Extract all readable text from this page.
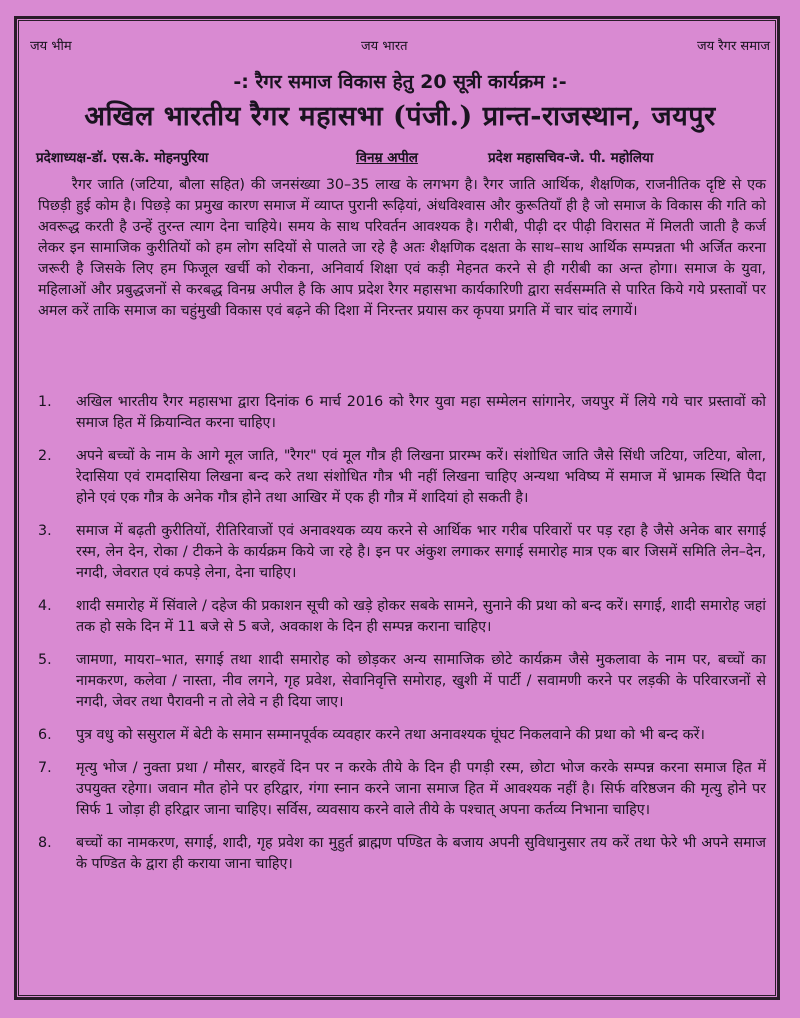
जय भीम	जय भारत	जय रैगर समाज
-: रैगर समाज विकास हेतु 20 सूत्री कार्यक्रम :-
अखिल भारतीय रैगर महासभा (पंजी.) प्रान्त-राजस्थान, जयपुर
प्रदेशाध्यक्ष-डॉ. एस.के. मोहनपुरिया	विनम्र अपील	प्रदेश महासचिव-जे. पी. महोलिया
रैगर जाति (जटिया, बौला सहित) की जनसंख्या 30–35 लाख के लगभग है। रैगर जाति आर्थिक, शैक्षणिक, राजनीतिक दृष्टि से एक पिछड़ी हुई कोम है। पिछड़े का प्रमुख कारण समाज में व्याप्त पुरानी रूढ़ियां, अंधविश्वास और कुरूतियाँ ही है जो समाज के विकास की गति को अवरूद्ध करती है उन्हें तुरन्त त्याग देना चाहिये। समय के साथ परिवर्तन आवश्यक है। गरीबी, पीढ़ी दर पीढ़ी विरासत में मिलती जाती है कर्ज लेकर इन सामाजिक कुरीतियों को हम लोग सदियों से पालते जा रहे है अतः शैक्षणिक दक्षता के साथ–साथ आर्थिक सम्पन्नता भी अर्जित करना जरूरी है जिसके लिए हम फिजूल खर्ची को रोकना, अनिवार्य शिक्षा एवं कड़ी मेहनत करने से ही गरीबी का अन्त होगा। समाज के युवा, महिलाओं और प्रबुद्धजनों से करबद्ध विनम्र अपील है कि आप प्रदेश रैगर महासभा कार्यकारिणी द्वारा सर्वसम्मति से पारित किये गये प्रस्तावों पर अमल करें ताकि समाज का चहुंमुखी विकास एवं बढ़ने की दिशा में निरन्तर प्रयास कर कृपया प्रगति में चार चांद लगायें।
1. अखिल भारतीय रैगर महासभा द्वारा दिनांक 6 मार्च 2016 को रैगर युवा महा सम्मेलन सांगानेर, जयपुर में लिये गये चार प्रस्तावों को समाज हित में क्रियान्वित करना चाहिए।
2. अपने बच्चों के नाम के आगे मूल जाति, "रैगर" एवं मूल गौत्र ही लिखना प्रारम्भ करें। संशोधित जाति जैसे सिंधी जटिया, जटिया, बोला, रेदासिया एवं रामदासिया लिखना बन्द करे तथा संशोधित गौत्र भी नहीं लिखना चाहिए अन्यथा भविष्य में समाज में भ्रामक स्थिति पैदा होने एवं एक गौत्र के अनेक गौत्र होने तथा आखिर में एक ही गौत्र में शादियां हो सकती है।
3. समाज में बढ़ती कुरीतियों, रीतिरिवाजों एवं अनावश्यक व्यय करने से आर्थिक भार गरीब परिवारों पर पड़ रहा है जैसे अनेक बार सगाई रस्म, लेन देन, रोका / टीकने के कार्यक्रम किये जा रहे है। इन पर अंकुश लगाकर सगाई समारोह मात्र एक बार जिसमें समिति लेन–देन, नगदी, जेवरात एवं कपड़े लेना, देना चाहिए।
4. शादी समारोह में सिंवाले / दहेज की प्रकाशन सूची को खड़े होकर सबके सामने, सुनाने की प्रथा को बन्द करें। सगाई, शादी समारोह जहां तक हो सके दिन में 11 बजे से 5 बजे, अवकाश के दिन ही सम्पन्न कराना चाहिए।
5. जामणा, मायरा–भात, सगाई तथा शादी समारोह को छोड़कर अन्य सामाजिक छोटे कार्यक्रम जैसे मुकलावा के नाम पर, बच्चों का नामकरण, कलेवा / नास्ता, नीव लगने, गृह प्रवेश, सेवानिवृत्ति समोराह, खुशी में पार्टी / सवामणी करने पर लड़की के परिवारजनों से नगदी, जेवर तथा पैरावनी न तो लेवे न ही दिया जाए।
6. पुत्र वधु को ससुराल में बेटी के समान सम्मानपूर्वक व्यवहार करने तथा अनावश्यक घूंघट निकलवाने की प्रथा को भी बन्द करें।
7. मृत्यु भोज / नुक्ता प्रथा / मौसर, बारहवें दिन पर न करके तीये के दिन ही पगड़ी रस्म, छोटा भोज करके सम्पन्न करना समाज हित में उपयुक्त रहेगा। जवान मौत होने पर हरिद्वार, गंगा स्नान करने जाना समाज हित में आवश्यक नहीं है। सिर्फ वरिष्ठजन की मृत्यु होने पर सिर्फ 1 जोड़ा ही हरिद्वार जाना चाहिए। सर्विस, व्यवसाय करने वाले तीये के पश्चात् अपना कर्तव्य निभाना चाहिए।
8. बच्चों का नामकरण, सगाई, शादी, गृह प्रवेश का मुहुर्त ब्राह्मण पण्डित के बजाय अपनी सुविधानुसार तय करें तथा फेरे भी अपने समाज के पण्डित के द्वारा ही कराया जाना चाहिए।
